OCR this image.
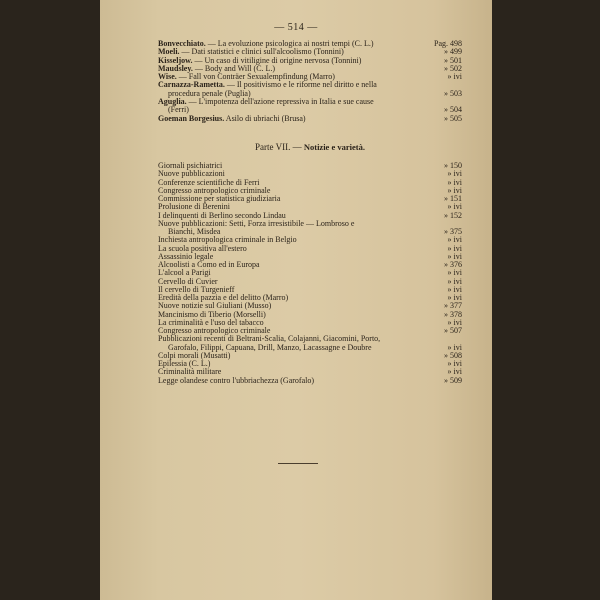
— 514 —
Bonvecchiato. — La evoluzione psicologica ai nostri tempi (C. L.)	Pag. 498
Moeli. — Dati statistici e clinici sull'alcoolismo (Tonnini)	» 499
Kisseljow. — Un caso di vitiligine di origine nervosa (Tonnini)	» 501
Maudsley. — Body and Will (C. L.)	» 502
Wise. — Fall von Conträer Sexualempfindung (Marro)	» ivi
Carnazza-Rametta. — Il positivismo e le riforme nel diritto e nella
procedura penale (Puglia)	» 503
Aguglia. — L'impotenza dell'azione repressiva in Italia e sue cause
(Ferri)	» 504
Goeman Borgesius. Asilo di ubriachi (Brusa)	» 505
Parte VII. — Notizie e varietà.
Giornali psichiatrici	» 150
Nuove pubblicazioni	» ivi
Conferenze scientifiche di Ferri	» ivi
Congresso antropologico criminale	» ivi
Commissione per statistica giudiziaria	» 151
Prolusione di Berenini	» ivi
I delinquenti di Berlino secondo Lindau	» 152
Nuove pubblicazioni: Setti, Forza irresistibile — Lombroso e
Bianchi, Misdea	» 375
Inchiesta antropologica criminale in Belgio	» ivi
La scuola positiva all'estero	» ivi
Assassinio legale	» ivi
Alcoolisti a Como ed in Europa	» 376
L'alcool a Parigi	» ivi
Cervello di Cuvier	» ivi
Il cervello di Turgenieff	» ivi
Eredità della pazzia e del delitto (Marro)	» ivi
Nuove notizie sul Giuliani (Musso)	» 377
Mancinismo di Tiberio (Morselli)	» 378
La criminalità e l'uso del tabacco	» ivi
Congresso antropologico criminale	» 507
Pubblicazioni recenti di Beltrani-Scalia, Colajanni, Giacomini, Porto,
Garofalo, Filippi, Capuana, Drill, Manzo, Lacassagne e Doubre	» ivi
Colpi morali (Musatti)	» 508
Epilessia (C. L.)	» ivi
Criminalità militare	» ivi
Legge olandese contro l'ubbriachezza (Garofalo)	» 509
